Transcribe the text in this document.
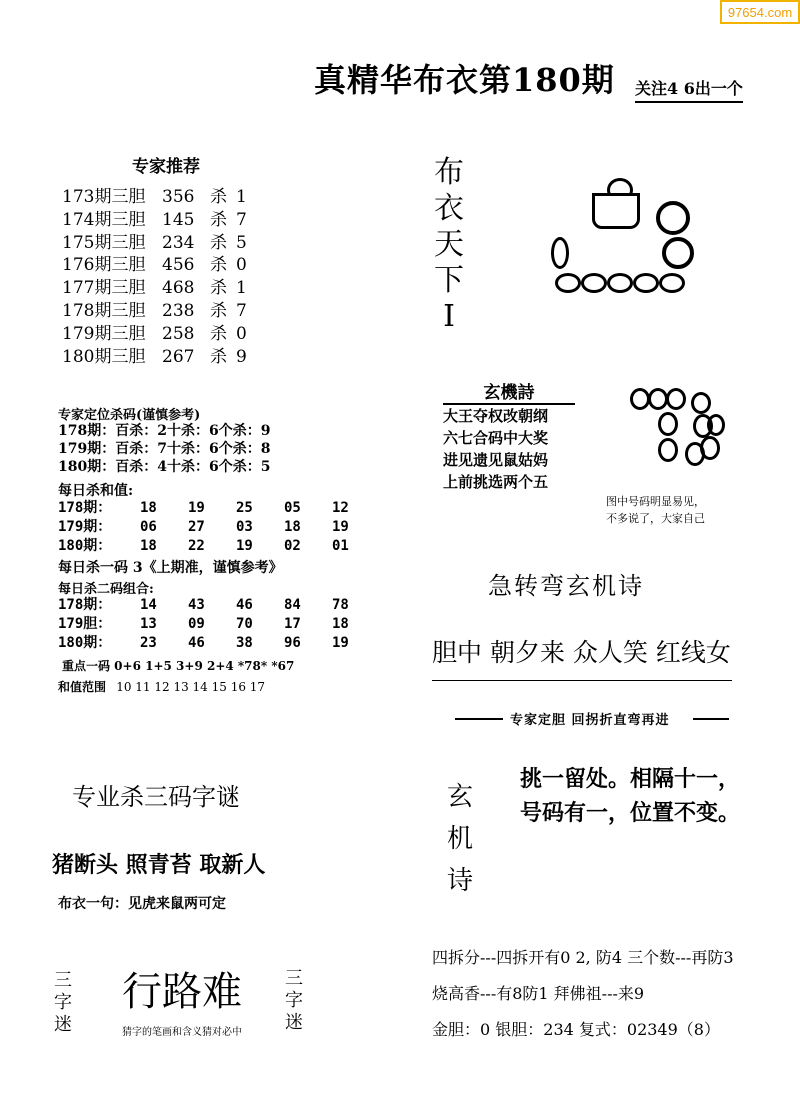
97654.com
真精华布衣第180期 关注4 6出一个
专家推荐
173期三胆 356 杀 1
174期三胆 145 杀 7
175期三胆 234 杀 5
176期三胆 456 杀 0
177期三胆 468 杀 1
178期三胆 238 杀 7
179期三胆 258 杀 0
180期三胆 267 杀 9
专家定位杀码(谨慎参考)
178期：百杀：2十杀：6个杀：9
179期：百杀：7十杀：6个杀：8
180期：百杀：4十杀：6个杀：5
每日杀和值:
178期： 18 19 25 05 12
179期： 06 27 03 18 19
180期： 18 22 19 02 01
每日杀一码 3《上期准，谨慎参考》
每日杀二码组合:
178期： 14 43 46 84 78
179胆： 13 09 70 17 18
180期： 23 46 38 96 19
重点一码 0+6 1+5 3+9 2+4 *78* *67
和值范围 10 11 12 13 14 15 16 17
专业杀三码字谜
猪断头 照青苔 取新人
布衣一句：见虎来鼠两可定
三字迷
行路难 三字迷
猜字的笔画和含义猜对必中
布衣天下I
玄機詩
大王夺权改朝纲
六七合码中大奖
进见遗见鼠姑妈
上前挑选两个五
图中号码明显易见，
不多说了，大家自己
急转弯玄机诗
胆中 朝夕来 众人笑 红线女
专家定胆 回拐折直弯再进
玄机诗
挑一留处。相隔十一，
号码有一，位置不变。
四拆分---四拆开有0 2, 防4 三个数---再防3
烧高香---有8防1 拜佛祖---来9
金胆：0 银胆：234 复式：02349（8）
